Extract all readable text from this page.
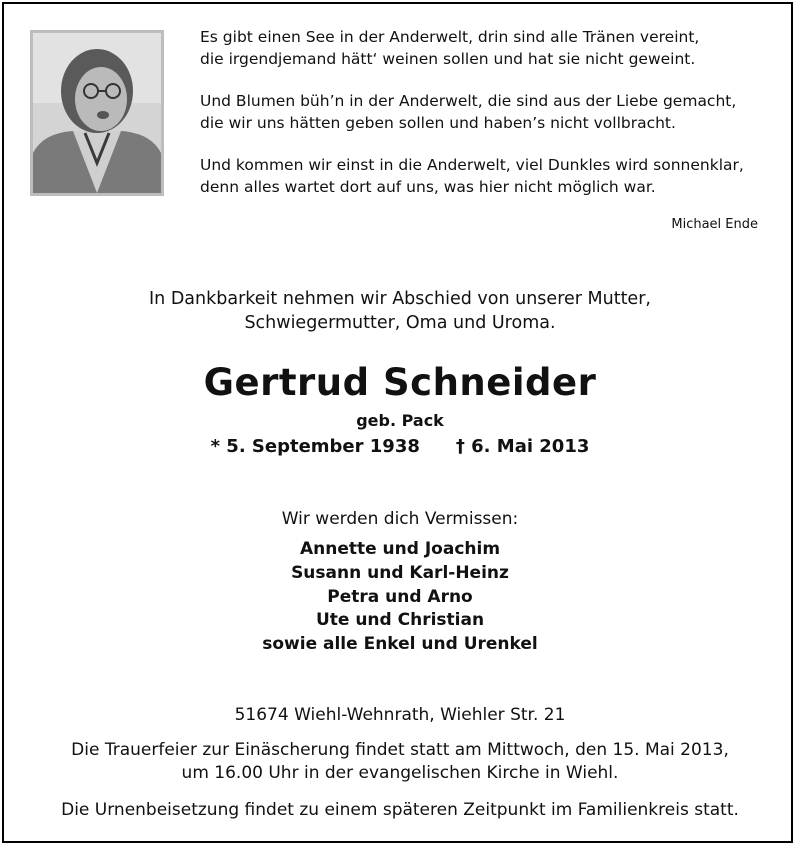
Es gibt einen See in der Anderwelt, drin sind alle Tränen vereint,
die irgendjemand hätt‘ weinen sollen und hat sie nicht geweint.

Und Blumen büh’n in der Anderwelt, die sind aus der Liebe gemacht,
die wir uns hätten geben sollen und haben’s nicht vollbracht.

Und kommen wir einst in die Anderwelt, viel Dunkles wird sonnenklar,
denn alles wartet dort auf uns, was hier nicht möglich war.

Michael Ende
In Dankbarkeit nehmen wir Abschied von unserer Mutter,
Schwiegermutter, Oma und Uroma.
Gertrud Schneider
geb. Pack
* 5. September 1938 † 6. Mai 2013
Wir werden dich Vermissen:
Annette und Joachim
Susann und Karl-Heinz
Petra und Arno
Ute und Christian
sowie alle Enkel und Urenkel
51674 Wiehl-Wehnrath, Wiehler Str. 21
Die Trauerfeier zur Einäscherung findet statt am Mittwoch, den 15. Mai 2013,
um 16.00 Uhr in der evangelischen Kirche in Wiehl.
Die Urnenbeisetzung findet zu einem späteren Zeitpunkt im Familienkreis statt.
